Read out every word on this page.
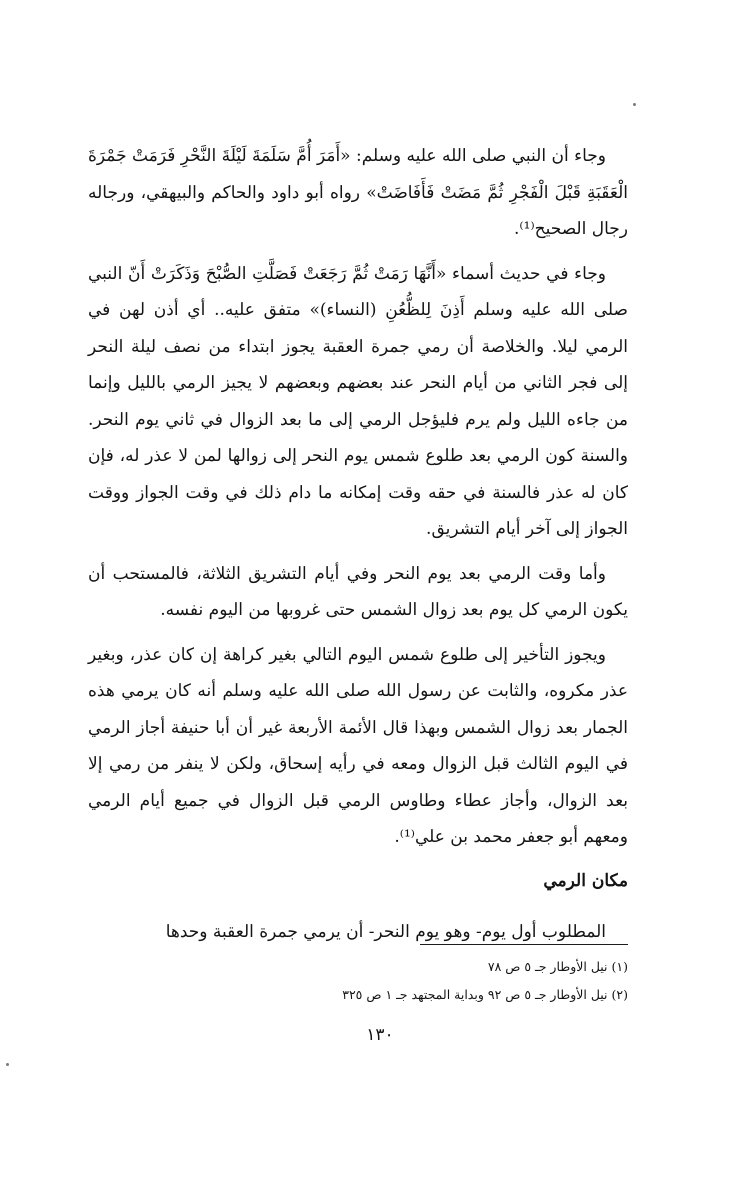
وجاء أن النبي صلى الله عليه وسلم: «أَمَرَ أُمَّ سَلَمَةَ لَيْلَةَ النَّحْرِ فَرَمَتْ جَمْرَةَ الْعَقَبَةِ قَبْلَ الْفَجْرِ ثُمَّ مَضَتْ فَأَفَاضَتْ» رواه أبو داود والحاكم والبيهقي، ورجاله رجال الصحيح⁽¹⁾.

وجاء في حديث أسماء «أَنَّهَا رَمَتْ ثُمَّ رَجَعَتْ فَصَلَّتِ الصُّبْحَ وَذَكَرَتْ أَنّ النبي صلى الله عليه وسلم أَذِنَ لِلظُّعُنِ (النساء)» متفق عليه.. أي أذن لهن في الرمي ليلا. والخلاصة أن رمي جمرة العقبة يجوز ابتداء من نصف ليلة النحر إلى فجر الثاني من أيام النحر عند بعضهم وبعضهم لا يجيز الرمي بالليل وإنما من جاءه الليل ولم يرم فليؤجل الرمي إلى ما بعد الزوال في ثاني يوم النحر. والسنة كون الرمي بعد طلوع شمس يوم النحر إلى زوالها لمن لا عذر له، فإن كان له عذر فالسنة في حقه وقت إمكانه ما دام ذلك في وقت الجواز ووقت الجواز إلى آخر أيام التشريق.

وأما وقت الرمي بعد يوم النحر وفي أيام التشريق الثلاثة، فالمستحب أن يكون الرمي كل يوم بعد زوال الشمس حتى غروبها من اليوم نفسه.

ويجوز التأخير إلى طلوع شمس اليوم التالي بغير كراهة إن كان عذر، وبغير عذر مكروه، والثابت عن رسول الله صلى الله عليه وسلم أنه كان يرمي هذه الجمار بعد زوال الشمس وبهذا قال الأئمة الأربعة غير أن أبا حنيفة أجاز الرمي في اليوم الثالث قبل الزوال ومعه في رأيه إسحاق، ولكن لا ينفر من رمي إلا بعد الزوال، وأجاز عطاء وطاوس الرمي قبل الزوال في جميع أيام الرمي ومعهم أبو جعفر محمد بن علي⁽¹⁾.

مكان الرمي

المطلوب أول يوم- وهو يوم النحر- أن يرمي جمرة العقبة وحدها

(١) نيل الأوطار جـ ٥ ص ٧٨

(٢) نيل الأوطار جـ ٥ ص ٩٢ وبداية المجتهد جـ ١ ص ٣٢٥

١٣٠
